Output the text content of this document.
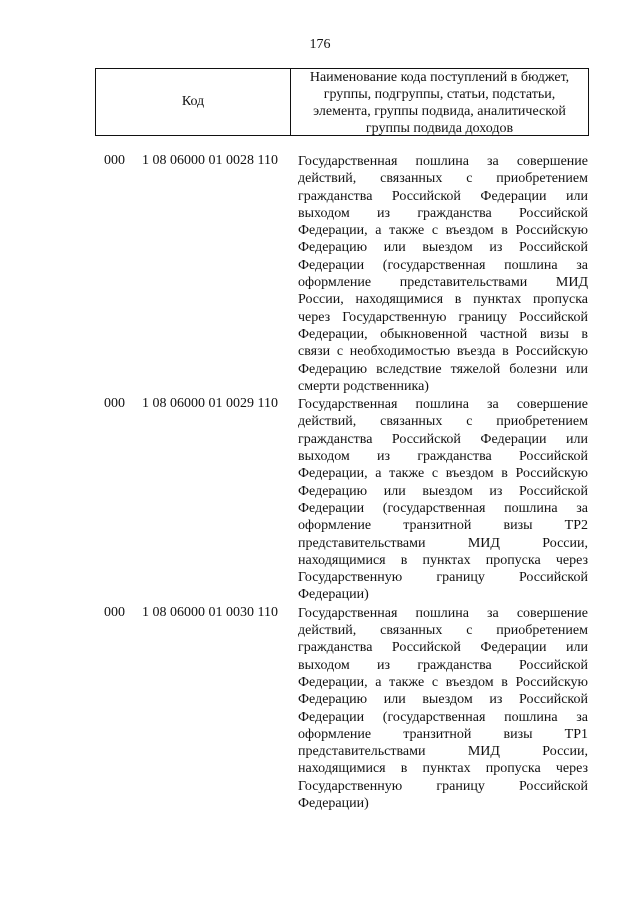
176
Код
Наименование кода поступлений в бюджет,
группы, подгруппы, статьи, подстатьи,
элемента, группы подвида, аналитической
группы подвида доходов
000 1 08 06000 01 0028 110 Государственная пошлина за совершение
действий, связанных с приобретением
гражданства Российской Федерации или
выходом из гражданства Российской
Федерации, а также с въездом в Российскую
Федерацию или выездом из Российской
Федерации (государственная пошлина за
оформление представительствами МИД
России, находящимися в пунктах пропуска
через Государственную границу Российской
Федерации, обыкновенной частной визы в
связи с необходимостью въезда в Российскую
Федерацию вследствие тяжелой болезни или
смерти родственника)
000 1 08 06000 01 0029 110 Государственная пошлина за совершение
действий, связанных с приобретением
гражданства Российской Федерации или
выходом из гражданства Российской
Федерации, а также с въездом в Российскую
Федерацию или выездом из Российской
Федерации (государственная пошлина за
оформление транзитной визы ТР2
представительствами МИД России,
находящимися в пунктах пропуска через
Государственную границу Российской
Федерации)
000 1 08 06000 01 0030 110 Государственная пошлина за совершение
действий, связанных с приобретением
гражданства Российской Федерации или
выходом из гражданства Российской
Федерации, а также с въездом в Российскую
Федерацию или выездом из Российской
Федерации (государственная пошлина за
оформление транзитной визы ТР1
представительствами МИД России,
находящимися в пунктах пропуска через
Государственную границу Российской
Федерации)
